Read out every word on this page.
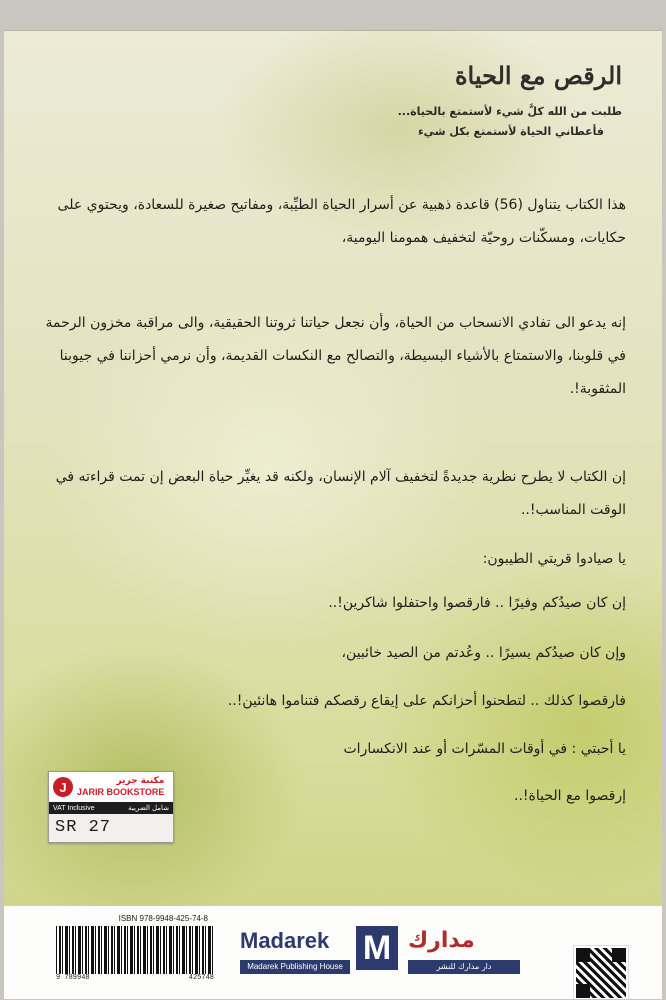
الرقص مع الحياة
طلبت من الله كلَّ شيء لأستمتع بالحياة...
فأعطاني الحياة لأستمتع بكل شيء
هذا الكتاب يتناول (56) قاعدة ذهبية عن أسرار الحياة الطيِّبة، ومفاتيح صغيرة للسعادة، ويحتوي على حكايات، ومسكّنات روحيّة لتخفيف همومنا اليومية،
إنه يدعو الى تفادي الانسحاب من الحياة، وأن نجعل حياتنا ثروتنا الحقيقية، والى مراقبة مخزون الرحمة في قلوبنا، والاستمتاع بالأشياء البسيطة، والتصالح مع النكسات القديمة، وأن نرمي أحزاننا في جيوبنا المثقوبة!.
إن الكتاب لا يطرح نظرية جديدةً لتخفيف آلام الإنسان، ولكنه قد يغيِّر حياة البعض إن تمت قراءته في الوقت المناسب!..
يا صيادوا قريتي الطيبون:
إن كان صيدُكم وفيرًا .. فارقصوا واحتفلوا شاكرين!..
وإن كان صيدُكم يسيرًا .. وعُدتم من الصيد خائبين،
فارقصوا كذلك .. لتطحنوا أحزانكم على إيقاع رقصكم فتناموا هانئين!..
يا أحبتي : في أوقات المسّرات أو عند الانكسارات
إرقصوا مع الحياة!..
J	مكتبة جرير
JARIR BOOKSTORE
VAT Inclusive	شامل الضريبة
SR 27
ISBN 978-9948-425-74-8
9 789948	425748
Madarek
Madarek Publishing House M مدارك
دار مدارك للنشر
